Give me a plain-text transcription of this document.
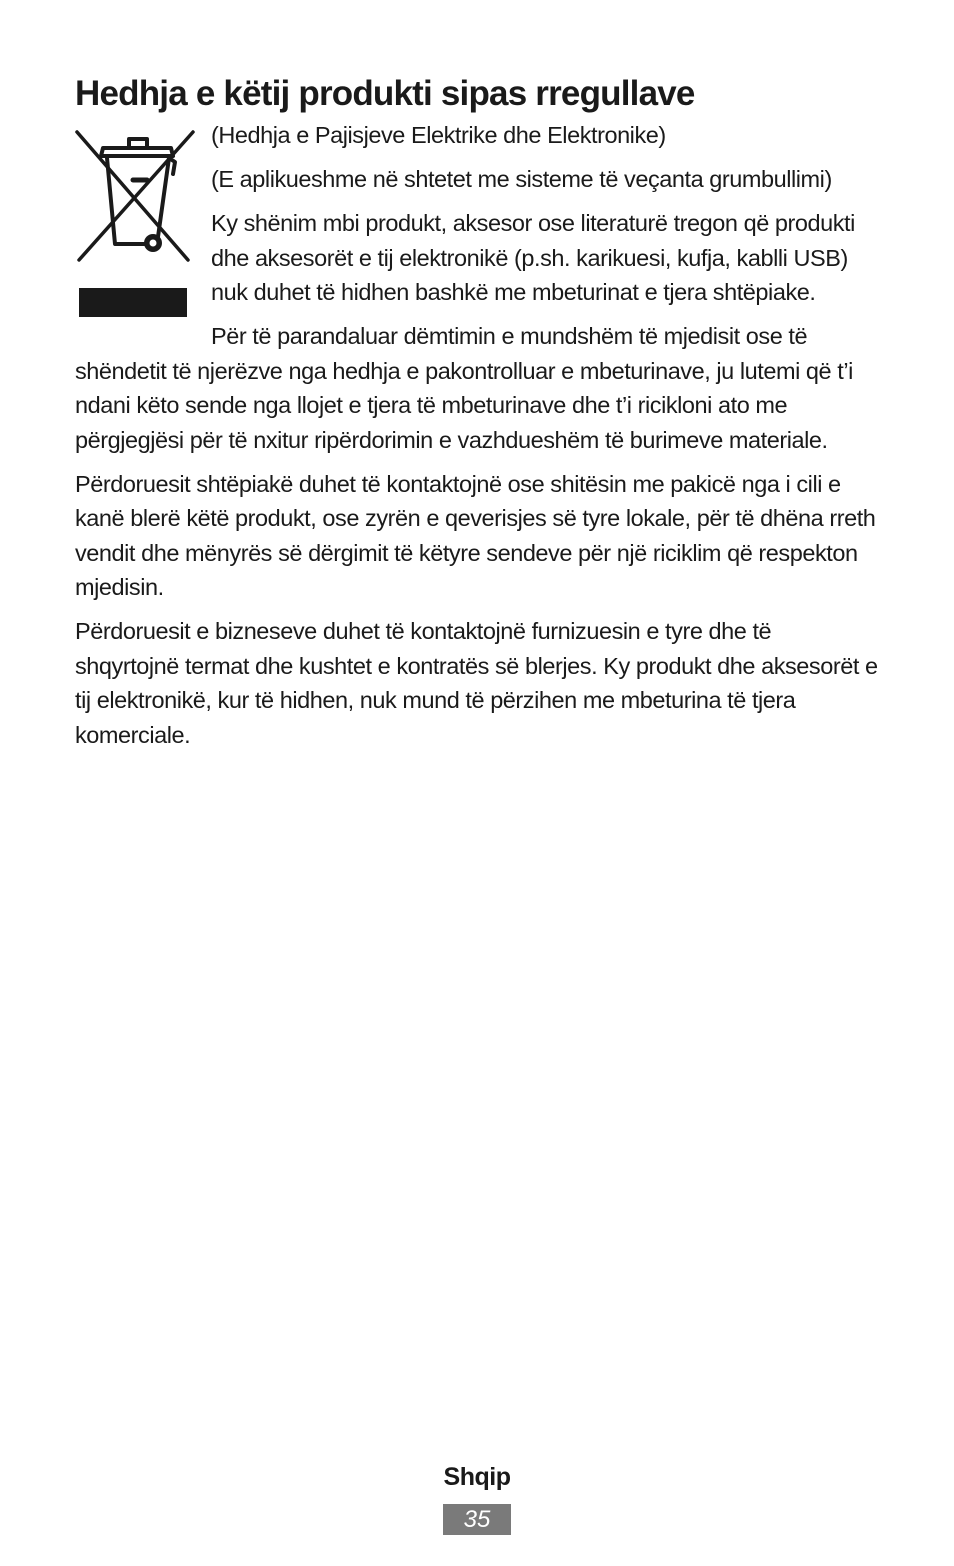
Hedhja e këtij produkti sipas rregullave

(Hedhja e Pajisjeve Elektrike dhe Elektronike)

(E aplikueshme në shtetet me sisteme të veçanta grumbullimi)

Ky shënim mbi produkt, aksesor ose literaturë tregon që produkti dhe aksesorët e tij elektronikë (p.sh. karikuesi, kufja, kablli USB) nuk duhet të hidhen bashkë me mbeturinat e tjera shtëpiake.

Për të parandaluar dëmtimin e mundshëm të mjedisit ose të shëndetit të njerëzve nga hedhja e pakontrolluar e mbeturinave, ju lutemi që t’i ndani këto sende nga llojet e tjera të mbeturinave dhe t’i ricikloni ato me përgjegjësi për të nxitur ripërdorimin e vazhdueshëm të burimeve materiale.

Përdoruesit shtëpiakë duhet të kontaktojnë ose shitësin me pakicë nga i cili e kanë blerë këtë produkt, ose zyrën e qeverisjes së tyre lokale, për të dhëna rreth vendit dhe mënyrës së dërgimit të këtyre sendeve për një riciklim që respekton mjedisin.

Përdoruesit e bizneseve duhet të kontaktojnë furnizuesin e tyre dhe të shqyrtojnë termat dhe kushtet e kontratës së blerjes. Ky produkt dhe aksesorët e tij elektronikë, kur të hidhen, nuk mund të përzihen me mbeturina të tjera komerciale.

Shqip
35
